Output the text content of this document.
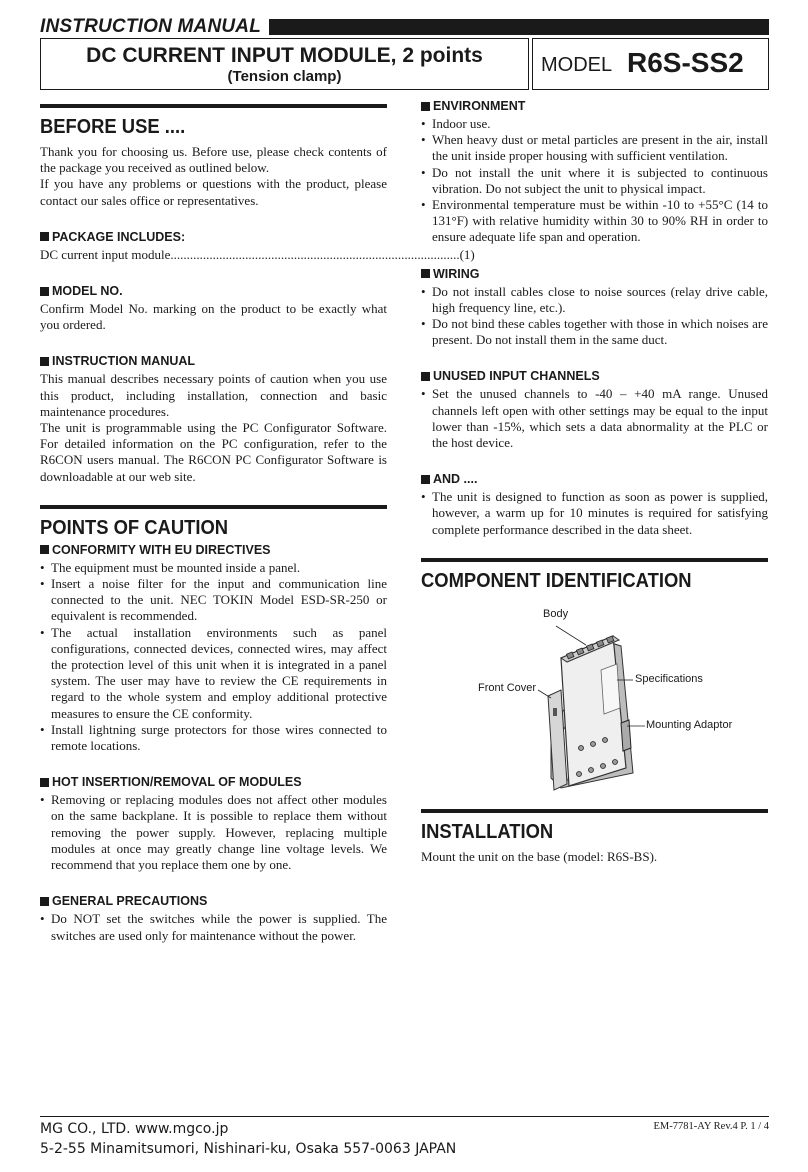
INSTRUCTION MANUAL
DC CURRENT INPUT MODULE, 2 points
(Tension clamp)
MODEL R6S-SS2
BEFORE USE ....

Thank you for choosing us. Before use, please check contents of the package you received as outlined below.

If you have any problems or questions with the product, please contact our sales office or representatives.

PACKAGE INCLUDES:
DC current input module ......................................................................................... (1)
MODEL NO.

Confirm Model No. marking on the product to be exactly what you ordered.

INSTRUCTION MANUAL

This manual describes necessary points of caution when you use this product, including installation, connection and basic maintenance procedures.

The unit is programmable using the PC Configurator Software. For detailed information on the PC configuration, refer to the R6CON users manual. The R6CON PC Configurator Software is downloadable at our web site.

POINTS OF CAUTION
CONFORMITY WITH EU DIRECTIVES
• The equipment must be mounted inside a panel.
• Insert a noise filter for the input and communication line connected to the unit. NEC TOKIN Model ESD-SR-250 or equivalent is recommended.
• The actual installation environments such as panel configurations, connected devices, connected wires, may affect the protection level of this unit when it is integrated in a panel system. The user may have to review the CE requirements in regard to the whole system and employ additional protective measures to ensure the CE conformity.
• Install lightning surge protectors for those wires connected to remote locations.
HOT INSERTION/REMOVAL OF MODULES
• Removing or replacing modules does not affect other modules on the same backplane. It is possible to replace them without removing the power supply. However, replacing multiple modules at once may greatly change line voltage levels. We recommend that you replace them one by one.
GENERAL PRECAUTIONS
• Do NOT set the switches while the power is supplied. The switches are used only for maintenance without the power.
ENVIRONMENT
• Indoor use.
• When heavy dust or metal particles are present in the air, install the unit inside proper housing with sufficient ventilation.
• Do not install the unit where it is subjected to continuous vibration. Do not subject the unit to physical impact.
• Environmental temperature must be within -10 to +55°C (14 to 131°F) with relative humidity within 30 to 90% RH in order to ensure adequate life span and operation.
WIRING
• Do not install cables close to noise sources (relay drive cable, high frequency line, etc.).
• Do not bind these cables together with those in which noises are present. Do not install them in the same duct.
UNUSED INPUT CHANNELS
• Set the unused channels to -40 – +40 mA range. Unused channels left open with other settings may be equal to the input lower than -15%, which sets a data abnormality at the PLC or the host device.
AND ....
• The unit is designed to function as soon as power is supplied, however, a warm up for 10 minutes is required for satisfying complete performance described in the data sheet.
COMPONENT IDENTIFICATION
Body
Specifications
Front Cover
Mounting Adaptor
INSTALLATION

Mount the unit on the base (model: R6S-BS).

MG CO., LTD. www.mgco.jp
5-2-55 Minamitsumori, Nishinari-ku, Osaka 557-0063 JAPAN
EM-7781-AY Rev.4 P. 1 / 4
